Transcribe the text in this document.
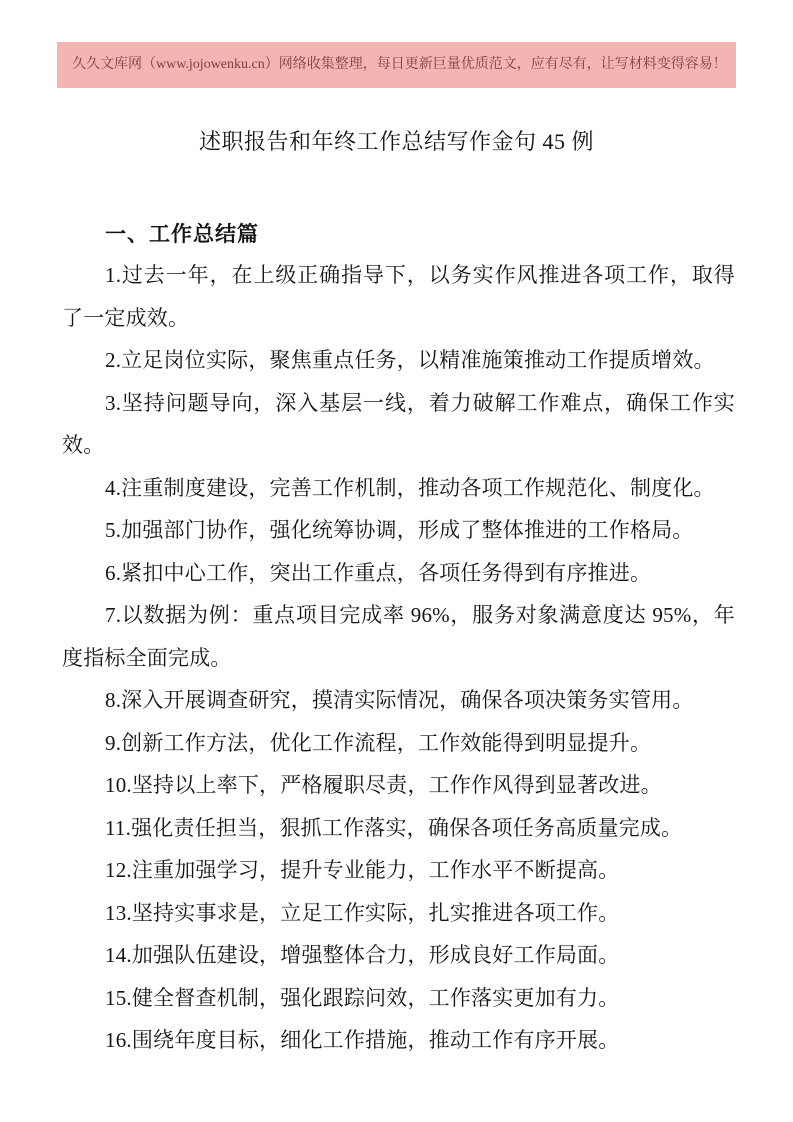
久久文库网（www.jojowenku.cn）网络收集整理，每日更新巨量优质范文，应有尽有，让写材料变得容易！
述职报告和年终工作总结写作金句 45 例
一、工作总结篇

1.过去一年，在上级正确指导下，以务实作风推进各项工作，取得了一定成效。

2.立足岗位实际，聚焦重点任务，以精准施策推动工作提质增效。

3.坚持问题导向，深入基层一线，着力破解工作难点，确保工作实效。

4.注重制度建设，完善工作机制，推动各项工作规范化、制度化。

5.加强部门协作，强化统筹协调，形成了整体推进的工作格局。

6.紧扣中心工作，突出工作重点，各项任务得到有序推进。

7.以数据为例：重点项目完成率 96%，服务对象满意度达 95%，年度指标全面完成。

8.深入开展调查研究，摸清实际情况，确保各项决策务实管用。

9.创新工作方法，优化工作流程，工作效能得到明显提升。

10.坚持以上率下，严格履职尽责，工作作风得到显著改进。

11.强化责任担当，狠抓工作落实，确保各项任务高质量完成。

12.注重加强学习，提升专业能力，工作水平不断提高。

13.坚持实事求是，立足工作实际，扎实推进各项工作。

14.加强队伍建设，增强整体合力，形成良好工作局面。

15.健全督查机制，强化跟踪问效，工作落实更加有力。

16.围绕年度目标，细化工作措施，推动工作有序开展。
